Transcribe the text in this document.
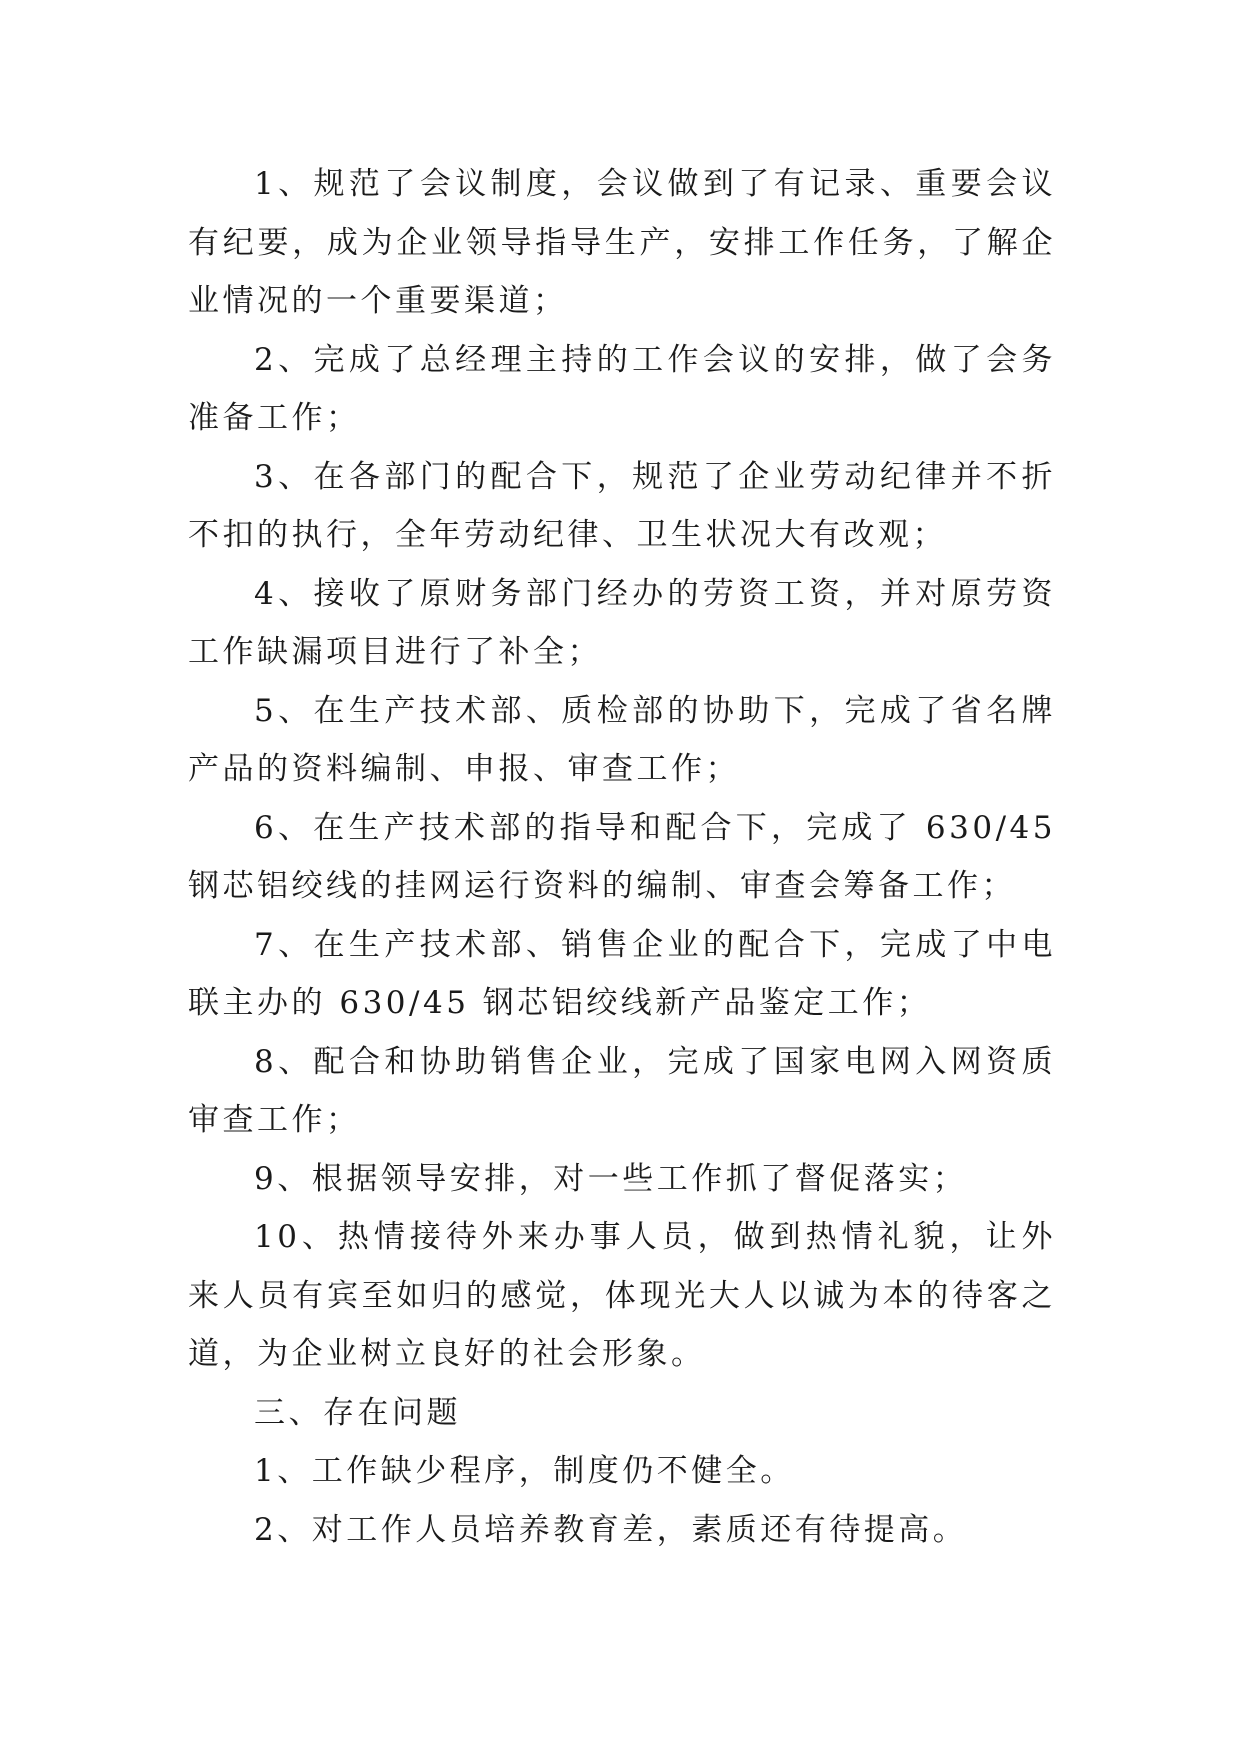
1、规范了会议制度，会议做到了有记录、重要会议有纪要，成为企业领导指导生产，安排工作任务，了解企业情况的一个重要渠道；

2、完成了总经理主持的工作会议的安排，做了会务准备工作；

3、在各部门的配合下，规范了企业劳动纪律并不折不扣的执行，全年劳动纪律、卫生状况大有改观；

4、接收了原财务部门经办的劳资工资，并对原劳资工作缺漏项目进行了补全；

5、在生产技术部、质检部的协助下，完成了省名牌产品的资料编制、申报、审查工作；

6、在生产技术部的指导和配合下，完成了 630/45 钢芯铝绞线的挂网运行资料的编制、审查会筹备工作；

7、在生产技术部、销售企业的配合下，完成了中电联主办的 630/45 钢芯铝绞线新产品鉴定工作；

8、配合和协助销售企业，完成了国家电网入网资质审查工作；

9、根据领导安排，对一些工作抓了督促落实；

10、热情接待外来办事人员，做到热情礼貌，让外来人员有宾至如归的感觉，体现光大人以诚为本的待客之道，为企业树立良好的社会形象。

三、存在问题

1、工作缺少程序，制度仍不健全。

2、对工作人员培养教育差，素质还有待提高。
